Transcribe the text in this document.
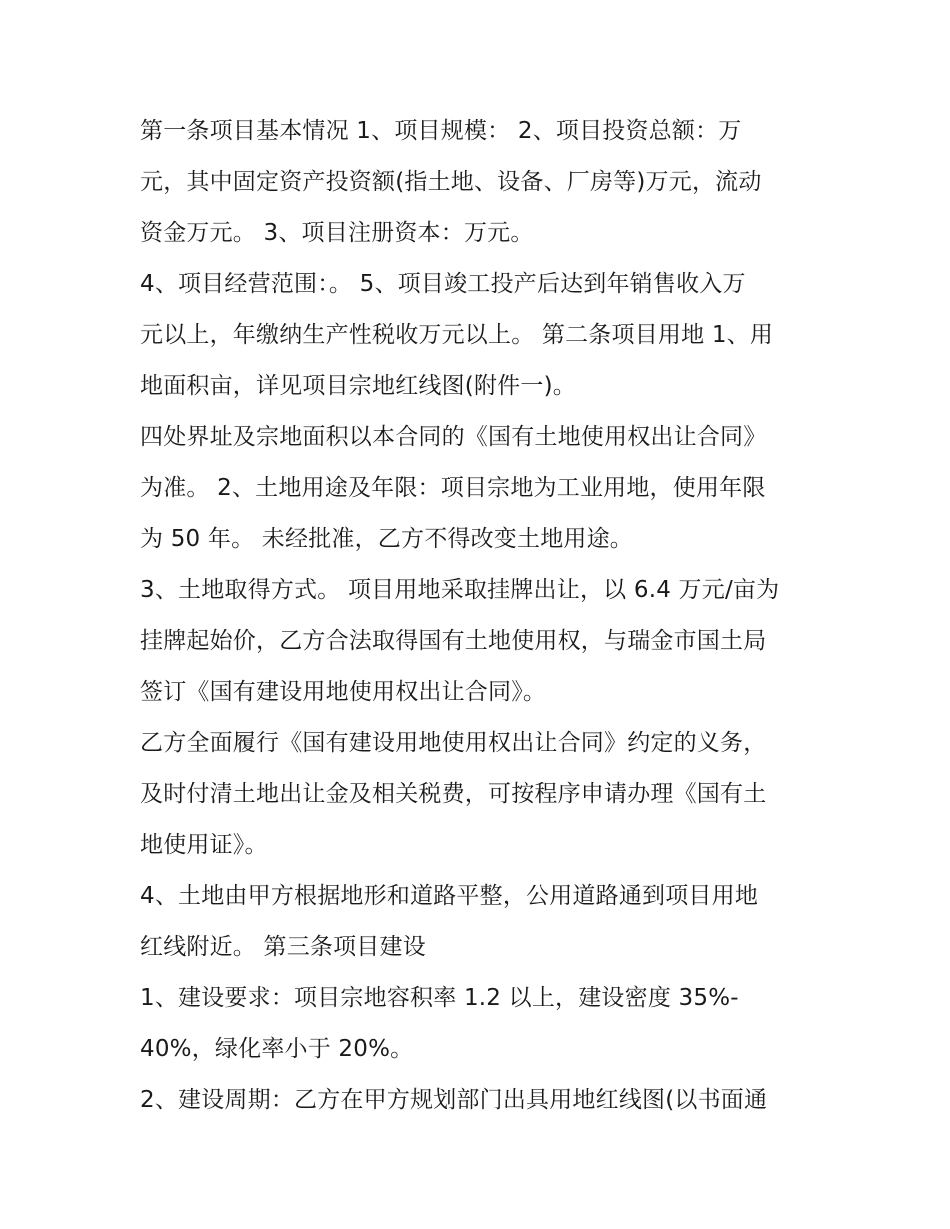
第一条项目基本情况 1、项目规模： 2、项目投资总额：万
元，其中固定资产投资额(指土地、设备、厂房等)万元，流动
资金万元。 3、项目注册资本：万元。
4、项目经营范围：。 5、项目竣工投产后达到年销售收入万
元以上，年缴纳生产性税收万元以上。 第二条项目用地 1、用
地面积亩，详见项目宗地红线图(附件一)。
四处界址及宗地面积以本合同的《国有土地使用权出让合同》
为准。 2、土地用途及年限：项目宗地为工业用地，使用年限
为 50 年。 未经批准，乙方不得改变土地用途。
3、土地取得方式。 项目用地采取挂牌出让，以 6.4 万元/亩为
挂牌起始价，乙方合法取得国有土地使用权，与瑞金市国土局
签订《国有建设用地使用权出让合同》。
乙方全面履行《国有建设用地使用权出让合同》约定的义务，
及时付清土地出让金及相关税费，可按程序申请办理《国有土
地使用证》。
4、土地由甲方根据地形和道路平整，公用道路通到项目用地
红线附近。 第三条项目建设
1、建设要求：项目宗地容积率 1.2 以上，建设密度 35%-
40%，绿化率小于 20%。
2、建设周期：乙方在甲方规划部门出具用地红线图(以书面通
